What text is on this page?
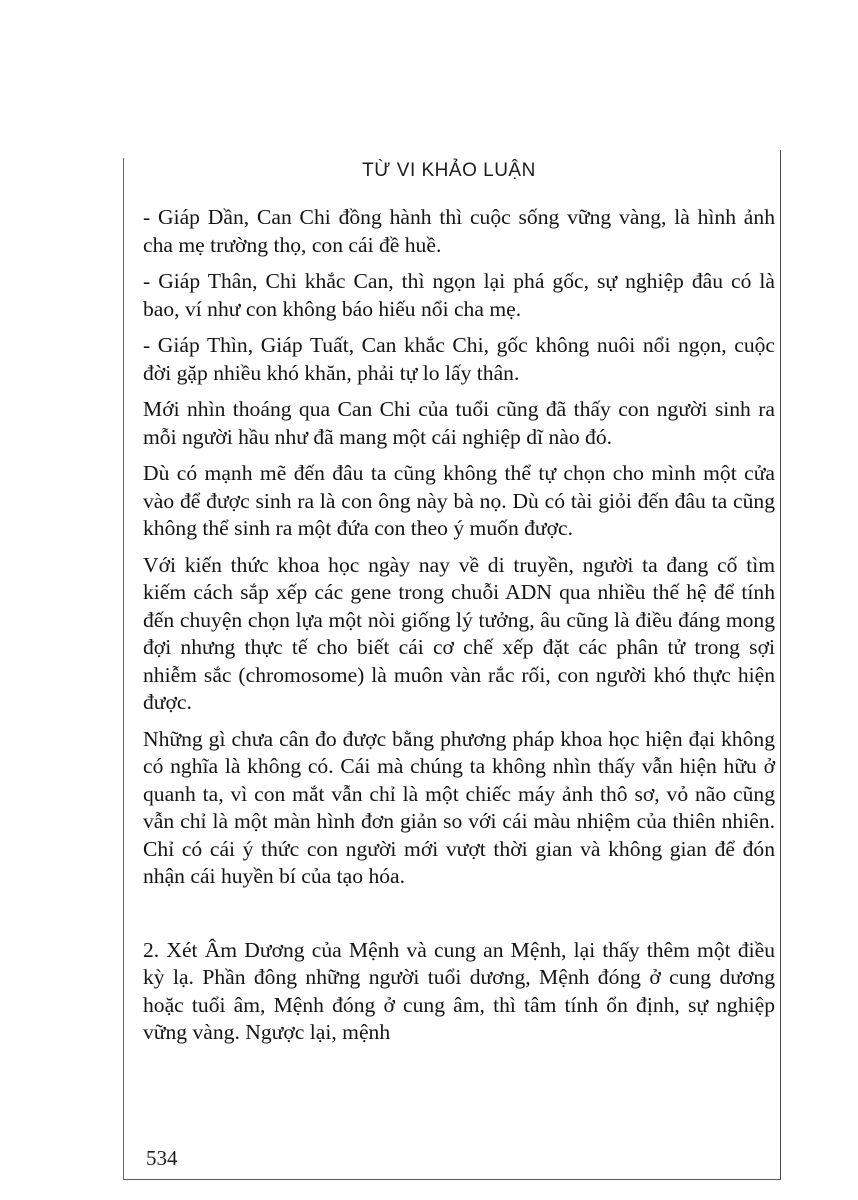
TỪ VI KHẢO LUẬN

- Giáp Dần, Can Chi đồng hành thì cuộc sống vững vàng, là hình ảnh cha mẹ trường thọ, con cái đề huề.

- Giáp Thân, Chi khắc Can, thì ngọn lại phá gốc, sự nghiệp đâu có là bao, ví như con không báo hiếu nổi cha mẹ.

- Giáp Thìn, Giáp Tuất, Can khắc Chi, gốc không nuôi nổi ngọn, cuộc đời gặp nhiều khó khăn, phải tự lo lấy thân.

Mới nhìn thoáng qua Can Chi của tuổi cũng đã thấy con người sinh ra mỗi người hầu như đã mang một cái nghiệp dĩ nào đó.

Dù có mạnh mẽ đến đâu ta cũng không thể tự chọn cho mình một cửa vào để được sinh ra là con ông này bà nọ. Dù có tài giỏi đến đâu ta cũng không thể sinh ra một đứa con theo ý muốn được.

Với kiến thức khoa học ngày nay về di truyền, người ta đang cố tìm kiếm cách sắp xếp các gene trong chuỗi ADN qua nhiều thế hệ để tính đến chuyện chọn lựa một nòi giống lý tưởng, âu cũng là điều đáng mong đợi nhưng thực tế cho biết cái cơ chế xếp đặt các phân tử trong sợi nhiễm sắc (chromosome) là muôn vàn rắc rối, con người khó thực hiện được.

Những gì chưa cân đo được bằng phương pháp khoa học hiện đại không có nghĩa là không có. Cái mà chúng ta không nhìn thấy vẫn hiện hữu ở quanh ta, vì con mắt vẫn chỉ là một chiếc máy ảnh thô sơ, vỏ não cũng vẫn chỉ là một màn hình đơn giản so với cái màu nhiệm của thiên nhiên. Chỉ có cái ý thức con người mới vượt thời gian và không gian để đón nhận cái huyền bí của tạo hóa.

2. Xét Âm Dương của Mệnh và cung an Mệnh, lại thấy thêm một điều kỳ lạ. Phần đông những người tuổi dương, Mệnh đóng ở cung dương hoặc tuổi âm, Mệnh đóng ở cung âm, thì tâm tính ổn định, sự nghiệp vững vàng. Ngược lại, mệnh

534
